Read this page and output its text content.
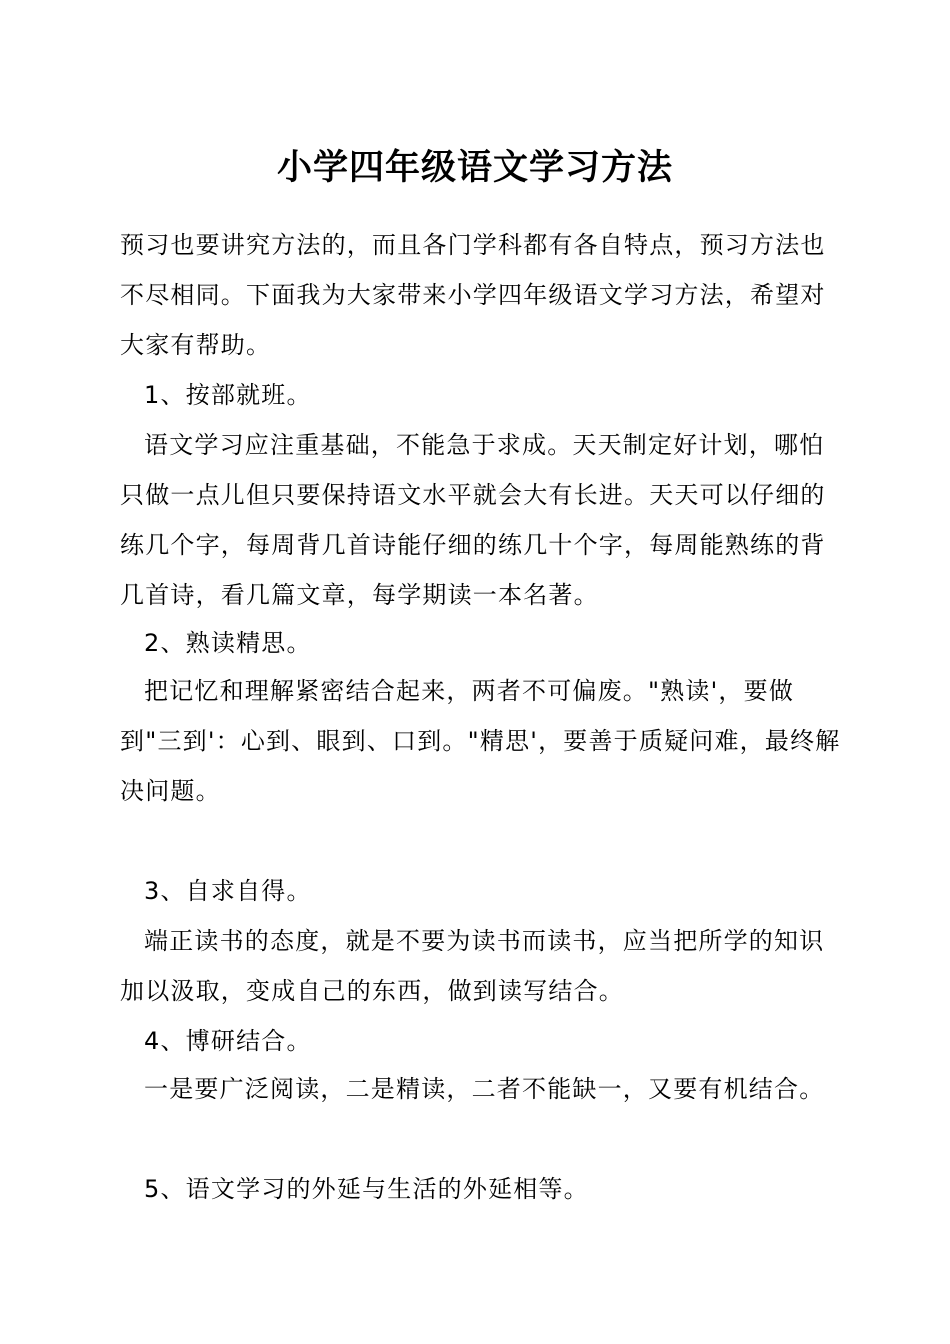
小学四年级语文学习方法

预习也要讲究方法的，而且各门学科都有各自特点，预习方法也不尽相同。下面我为大家带来小学四年级语文学习方法，希望对大家有帮助。

1、按部就班。

语文学习应注重基础，不能急于求成。天天制定好计划，哪怕只做一点儿但只要保持语文水平就会大有长进。天天可以仔细的练几个字，每周背几首诗能仔细的练几十个字，每周能熟练的背几首诗，看几篇文章，每学期读一本名著。

2、熟读精思。

把记忆和理解紧密结合起来，两者不可偏废。"熟读'，要做到"三到'：心到、眼到、口到。"精思'，要善于质疑问难，最终解决问题。

3、自求自得。

端正读书的态度，就是不要为读书而读书，应当把所学的知识加以汲取，变成自己的东西，做到读写结合。

4、博研结合。

一是要广泛阅读，二是精读，二者不能缺一，又要有机结合。

5、语文学习的外延与生活的外延相等。
